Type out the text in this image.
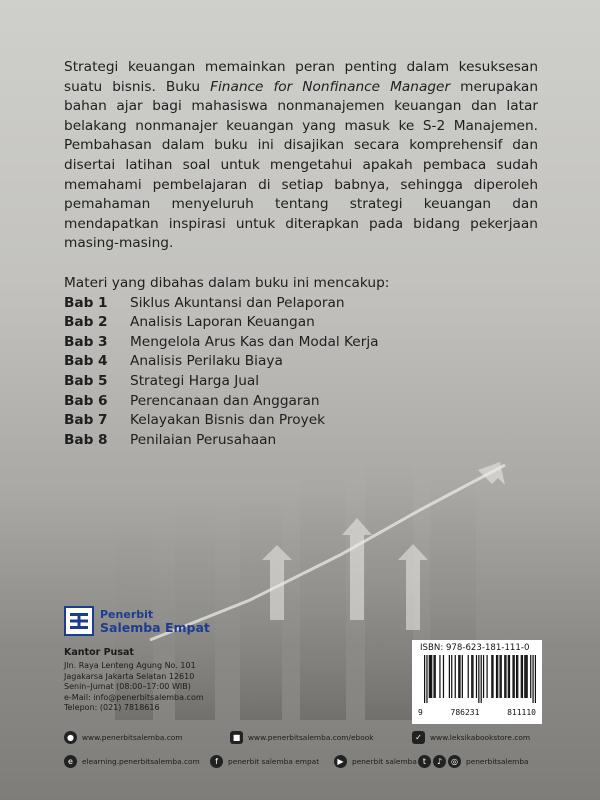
Strategi keuangan memainkan peran penting dalam kesuksesan suatu bisnis. Buku Finance for Nonfinance Manager merupakan bahan ajar bagi mahasiswa nonmanajemen keuangan dan latar belakang nonmanajer keuangan yang masuk ke S-2 Manajemen. Pembahasan dalam buku ini disajikan secara komprehensif dan disertai latihan soal untuk mengetahui apakah pembaca sudah memahami pembelajaran di setiap babnya, sehingga diperoleh pemahaman menyeluruh tentang strategi keuangan dan mendapatkan inspirasi untuk diterapkan pada bidang pekerjaan masing-masing.

Materi yang dibahas dalam buku ini mencakup:

Bab 1	Siklus Akuntansi dan Pelaporan
Bab 2	Analisis Laporan Keuangan
Bab 3	Mengelola Arus Kas dan Modal Kerja
Bab 4	Analisis Perilaku Biaya
Bab 5	Strategi Harga Jual
Bab 6	Perencanaan dan Anggaran
Bab 7	Kelayakan Bisnis dan Proyek
Bab 8	Penilaian Perusahaan
Penerbit
Salemba Empat
Kantor Pusat
Jln. Raya Lenteng Agung No. 101
Jagakarsa Jakarta Selatan 12610
Senin–Jumat (08:00–17:00 WIB)
e-Mail: info@penerbitsalemba.com
Telepon: (021) 7818616
ISBN: 978-623-181-111-0
9	786231	811110
●	www.penerbitsalemba.com	■	www.penerbitsalemba.com/ebook	✓	www.leksikabookstore.com
e	elearning.penerbitsalemba.com	f	penerbit salemba empat	▶	penerbit salemba t	♪	◎	penerbitsalemba
